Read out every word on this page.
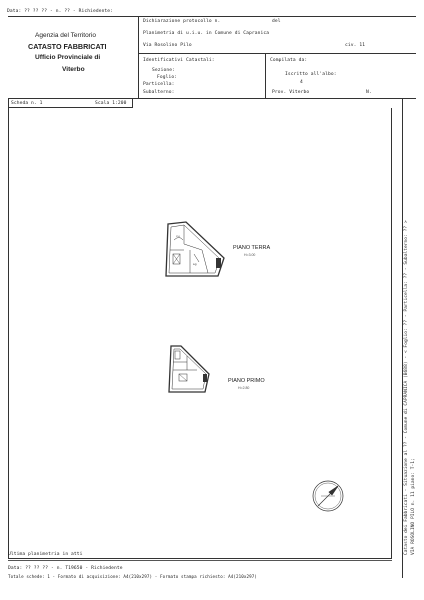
Data: ?? ?? ?? - n. ?? - Richiedente:
Agenzia del Territorio
CATASTO FABBRICATI
Ufficio Provinciale di
Viterbo
Dichiarazione protocollo n.	del
Planimetria di u.i.u. in Comune di Capranica
Via Rosolino Pilo	civ. 11
Identificativi Catastali:
Sezione:
Foglio:
Particella:
Subalterno:
Compilata da:
Iscritto all'albo:
4
Prov. Viterbo	N.
Scheda n. 1	Scala 1:200
cu
sg
PIANO TERRA
H=3.00
PIANO PRIMO
H=2.80
Ultima planimetria in atti
Data: ?? ?? ?? - n. T19650 - Richiedente
Totale schede: 1 - Formato di acquisizione: A4(210x297) - Formato stampa richiesto: A4(210x297)
Catasto dei Fabbricati - Situazione al ?? - Comune di CAPRANICA (B688) - < Foglio: ?? - Particella: ?? - Subalterno: ?? > VIA ROSOLINO PILO n. 11 piano: T-1;
